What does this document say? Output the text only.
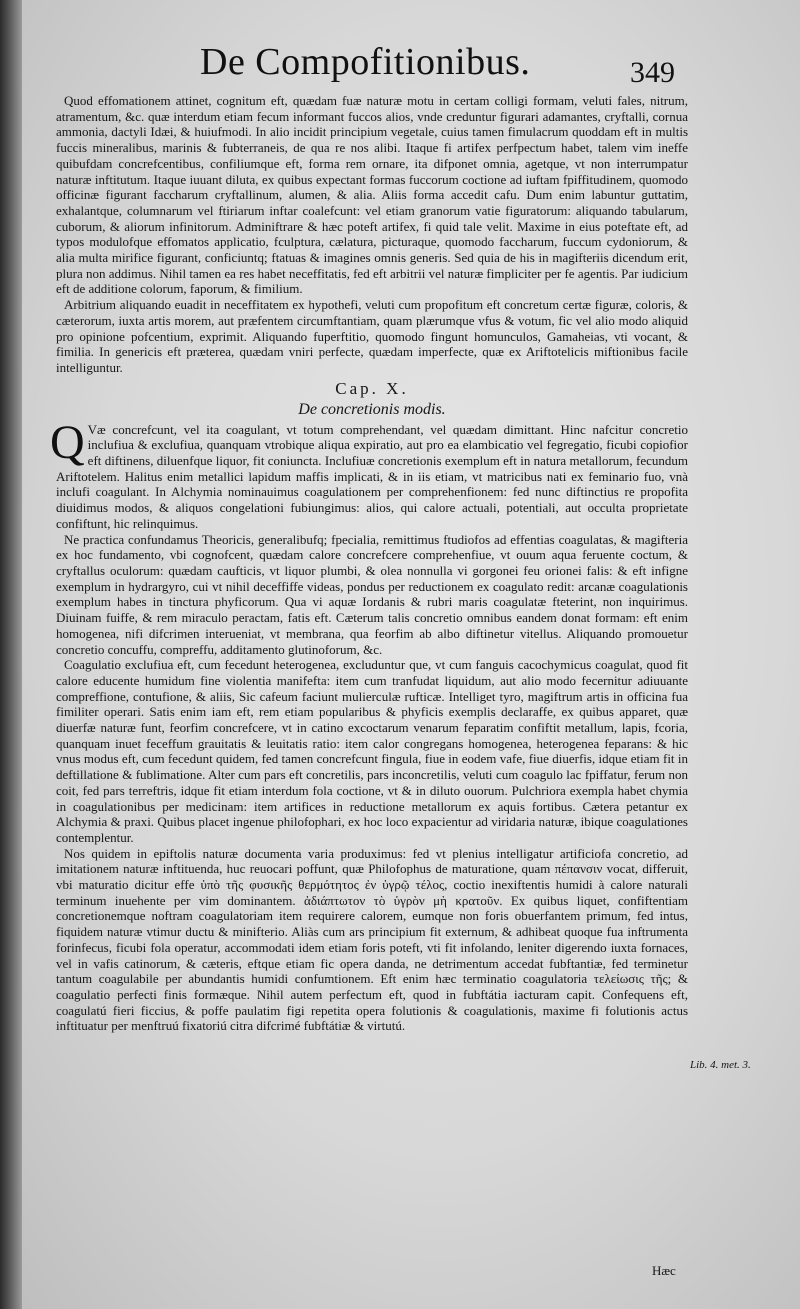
De Compofitionibus.	349

Quod effomationem attinet, cognitum eft, quædam fuæ naturæ motu in certam colligi formam, veluti fales, nitrum, atramentum, &c. quæ interdum etiam fecum informant fuccos alios, vnde creduntur figurari adamantes, cryftalli, cornua ammonia, dactyli Idæi, & huiufmodi. In alio incidit principium vegetale, cuius tamen fimulacrum quoddam eft in multis fuccis mineralibus, marinis & fubterraneis, de qua re nos alibi. Itaque fi artifex perfpectum habet, talem vim ineffe quibufdam concrefcentibus, confiliumque eft, forma rem ornare, ita difponet omnia, agetque, vt non interrumpatur naturæ inftitutum. Itaque iuuant diluta, ex quibus expectant formas fuccorum coctione ad iuftam fpiffitudinem, quomodo officinæ figurant faccharum cryftallinum, alumen, & alia. Aliis forma accedit cafu. Dum enim labuntur guttatim, exhalantque, columnarum vel ftiriarum inftar coalefcunt: vel etiam granorum vatie figuratorum: aliquando tabularum, cuborum, & aliorum infinitorum. Adminiftrare & hæc poteft artifex, fi quid tale velit. Maxime in eius poteftate eft, ad typos modulofque effomatos applicatio, fculptura, cælatura, picturaque, quomodo faccharum, fuccum cydoniorum, & alia multa mirifice figurant, conficiuntq; ftatuas & imagines omnis generis. Sed quia de his in magifteriis dicendum erit, plura non addimus. Nihil tamen ea res habet neceffitatis, fed eft arbitrii vel naturæ fimpliciter per fe agentis. Par iudicium eft de additione colorum, faporum, & fimilium.

Arbitrium aliquando euadit in neceffitatem ex hypothefi, veluti cum propofitum eft concretum certæ figuræ, coloris, & cæterorum, iuxta artis morem, aut præfentem circumftantiam, quam plærumque vfus & votum, fic vel alio modo aliquid pro opinione pofcentium, exprimit. Aliquando fuperftitio, quomodo fingunt homunculos, Gamaheias, vti vocant, & fimilia. In genericis eft præterea, quædam vniri perfecte, quædam imperfecte, quæ ex Ariftotelicis miftionibus facile intelliguntur.

Cap. X.
De concretionis modis.

Q Væ concrefcunt, vel ita coagulant, vt totum comprehendant, vel quædam dimittant. Hinc nafcitur concretio inclufiua & exclufiua, quanquam vtrobique aliqua expiratio, aut pro ea elambicatio vel fegregatio, ficubi copiofior eft diftinens, diluenfque liquor, fit coniuncta. Inclufiuæ concretionis exemplum eft in natura metallorum, fecundum Ariftotelem. Halitus enim metallici lapidum maffis implicati, & in iis etiam, vt matricibus nati ex feminario fuo, vnà inclufi coagulant. In Alchymia nominauimus coagulationem per comprehenfionem: fed nunc diftinctius re propofita diuidimus modos, & aliquos congelationi fubiungimus: alios, qui calore actuali, potentiali, aut occulta proprietate confiftunt, hic relinquimus.

Ne practica confundamus Theoricis, generalibufq; fpecialia, remittimus ftudiofos ad effentias coagulatas, & magifteria ex hoc fundamento, vbi cognofcent, quædam calore concrefcere comprehenfiue, vt ouum aqua feruente coctum, & cryftallus oculorum: quædam caufticis, vt liquor plumbi, & olea nonnulla vi gorgonei feu orionei falis: & eft infigne exemplum in hydrargyro, cui vt nihil deceffiffe videas, pondus per reductionem ex coagulato redit: arcanæ coagulationis exemplum habes in tinctura phyficorum. Qua vi aquæ Iordanis & rubri maris coagulatæ fteterint, non inquirimus. Diuinam fuiffe, & rem miraculo peractam, fatis eft. Cæterum talis concretio omnibus eandem donat formam: eft enim homogenea, nifi difcrimen interueniat, vt membrana, qua feorfim ab albo diftinetur vitellus. Aliquando promouetur concretio concuffu, compreffu, additamento glutinoforum, &c.

Coagulatio exclufiua eft, cum fecedunt heterogenea, excluduntur que, vt cum fanguis cacochymicus coagulat, quod fit calore educente humidum fine violentia manifefta: item cum tranfudat liquidum, aut alio modo fecernitur adiuuante compreffione, contufione, & aliis, Sic cafeum faciunt mulierculæ rufticæ. Intelliget tyro, magiftrum artis in officina fua fimiliter operari. Satis enim iam eft, rem etiam popularibus & phyficis exemplis declaraffe, ex quibus apparet, quæ diuerfæ naturæ funt, feorfim concrefcere, vt in catino excoctarum venarum feparatim confiftit metallum, lapis, fcoria, quanquam inuet feceffum grauitatis & leuitatis ratio: item calor congregans homogenea, heterogenea feparans: & hic vnus modus eft, cum fecedunt quidem, fed tamen concrefcunt fingula, fiue in eodem vafe, fiue diuerfis, idque etiam fit in deftillatione & fublimatione. Alter cum pars eft concretilis, pars inconcretilis, veluti cum coagulo lac fpiffatur, ferum non coit, fed pars terreftris, idque fit etiam interdum fola coctione, vt & in diluto ouorum. Pulchriora exempla habet chymia in coagulationibus per medicinam: item artifices in reductione metallorum ex aquis fortibus. Cætera petantur ex Alchymia & praxi. Quibus placet ingenue philofophari, ex hoc loco expacientur ad viridaria naturæ, ibique coagulationes contemplentur.

Nos quidem in epiftolis naturæ documenta varia produximus: fed vt plenius intelligatur artificiofa concretio, ad imitationem naturæ inftituenda, huc reuocari poffunt, quæ Philofophus de maturatione, quam πέπανσιν vocat, differuit, vbi maturatio dicitur effe ὑπὸ τῆς φυσικῆς θερμότητος ἐν ὑγρῷ τέλος, coctio inexiftentis humidi à calore naturali terminum inuehente per vim dominantem. ἀδιάπτωτον τὸ ὑγρὸν μὴ κρατοῦν. Ex quibus liquet, confiftentiam concretionemque noftram coagulatoriam item requirere calorem, eumque non foris obuerfantem primum, fed intus, fiquidem naturæ vtimur ductu & minifterio. Aliàs cum ars principium fit externum, & adhibeat quoque fua inftrumenta forinfecus, ficubi fola operatur, accommodati idem etiam foris poteft, vti fit infolando, leniter digerendo iuxta fornaces, vel in vafis catinorum, & cæteris, eftque etiam fic opera danda, ne detrimentum accedat fubftantiæ, fed terminetur tantum coagulabile per abundantis humidi confumtionem. Eft enim hæc terminatio coagulatoria τελείωσις τῆς; & coagulatio perfecti finis formæque. Nihil autem perfectum eft, quod in fubftátia iacturam capit. Confequens eft, coagulatú fieri ficcius, & poffe paulatim figi repetita opera folutionis & coagulationis, maxime fi folutionis actus inftituatur per menftruú fixatoriú citra difcrimé fubftátiæ & virtutú.

Lib. 4. met. 3.
Hæc
